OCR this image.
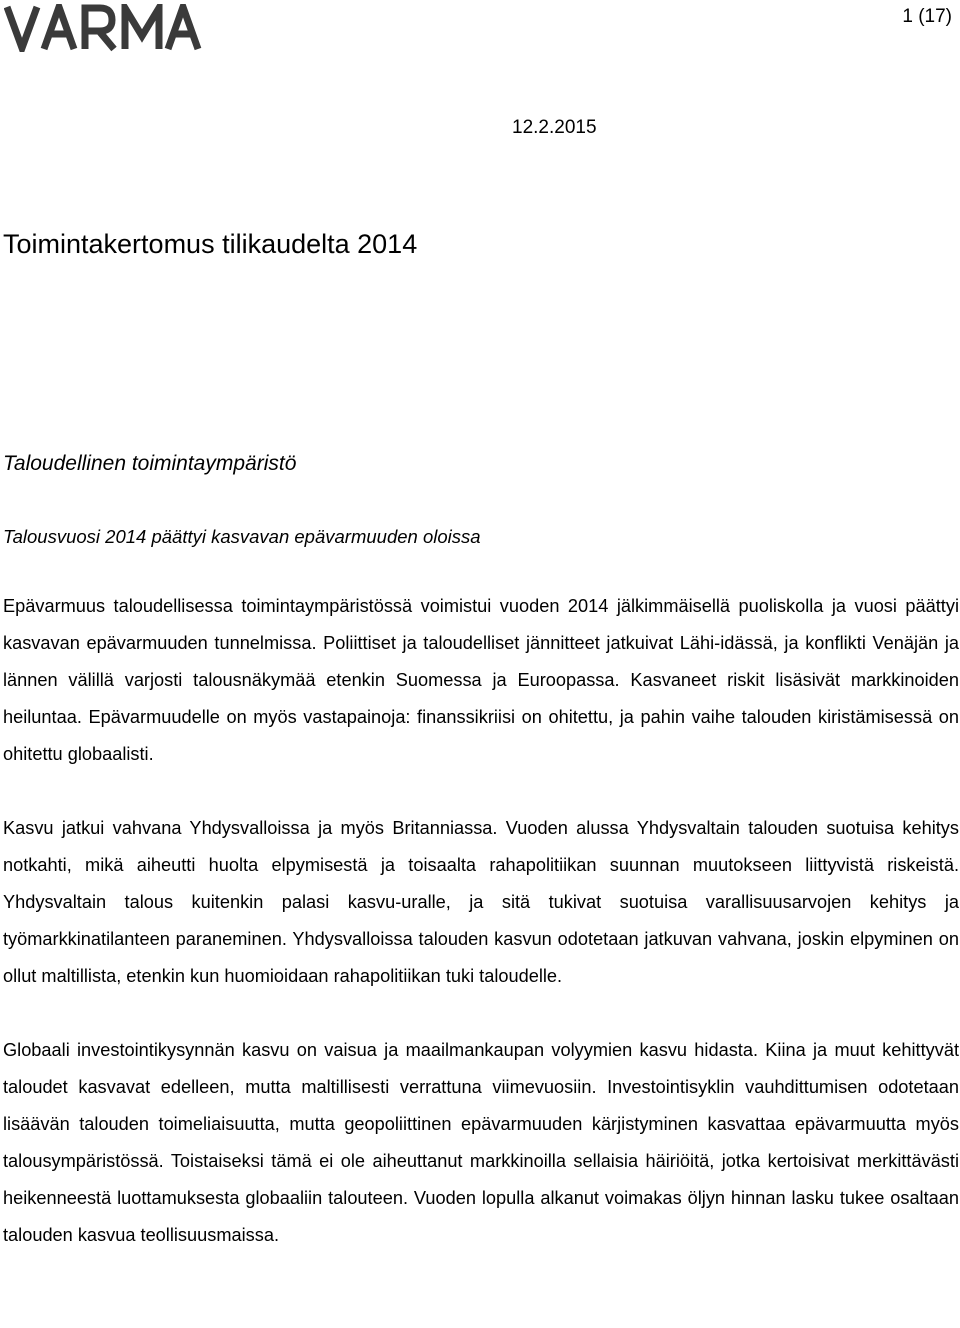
1 (17)
12.2.2015
Toimintakertomus tilikaudelta 2014
Taloudellinen toimintaympäristö
Talousvuosi 2014 päättyi kasvavan epävarmuuden oloissa

Epävarmuus taloudellisessa toimintaympäristössä voimistui vuoden 2014 jälkimmäisellä puoliskolla ja vuosi päättyi kasvavan epävarmuuden tunnelmissa. Poliittiset ja taloudelliset jännitteet jatkuivat Lähi-idässä, ja konflikti Venäjän ja lännen välillä varjosti talousnäkymää etenkin Suomessa ja Euroopassa. Kasvaneet riskit lisäsivät markkinoiden heiluntaa. Epävarmuudelle on myös vastapainoja: finanssikriisi on ohitettu, ja pahin vaihe talouden kiristämisessä on ohitettu globaalisti.

Kasvu jatkui vahvana Yhdysvalloissa ja myös Britanniassa. Vuoden alussa Yhdysvaltain talouden suotuisa kehitys notkahti, mikä aiheutti huolta elpymisestä ja toisaalta rahapolitiikan suunnan muutokseen liittyvistä riskeistä. Yhdysvaltain talous kuitenkin palasi kasvu-uralle, ja sitä tukivat suotuisa varallisuusarvojen kehitys ja työmarkkinatilanteen paraneminen. Yhdysvalloissa talouden kasvun odotetaan jatkuvan vahvana, joskin elpyminen on ollut maltillista, etenkin kun huomioidaan rahapolitiikan tuki taloudelle.

Globaali investointikysynnän kasvu on vaisua ja maailmankaupan volyymien kasvu hidasta. Kiina ja muut kehittyvät taloudet kasvavat edelleen, mutta maltillisesti verrattuna viimevuosiin. Investointisyklin vauhdittumisen odotetaan lisäävän talouden toimeliaisuutta, mutta geopoliittinen epävarmuuden kärjistyminen kasvattaa epävarmuutta myös talousympäristössä. Toistaiseksi tämä ei ole aiheuttanut markkinoilla sellaisia häiriöitä, jotka kertoisivat merkittävästi heikenneestä luottamuksesta globaaliin talouteen. Vuoden lopulla alkanut voimakas öljyn hinnan lasku tukee osaltaan talouden kasvua teollisuusmaissa.
